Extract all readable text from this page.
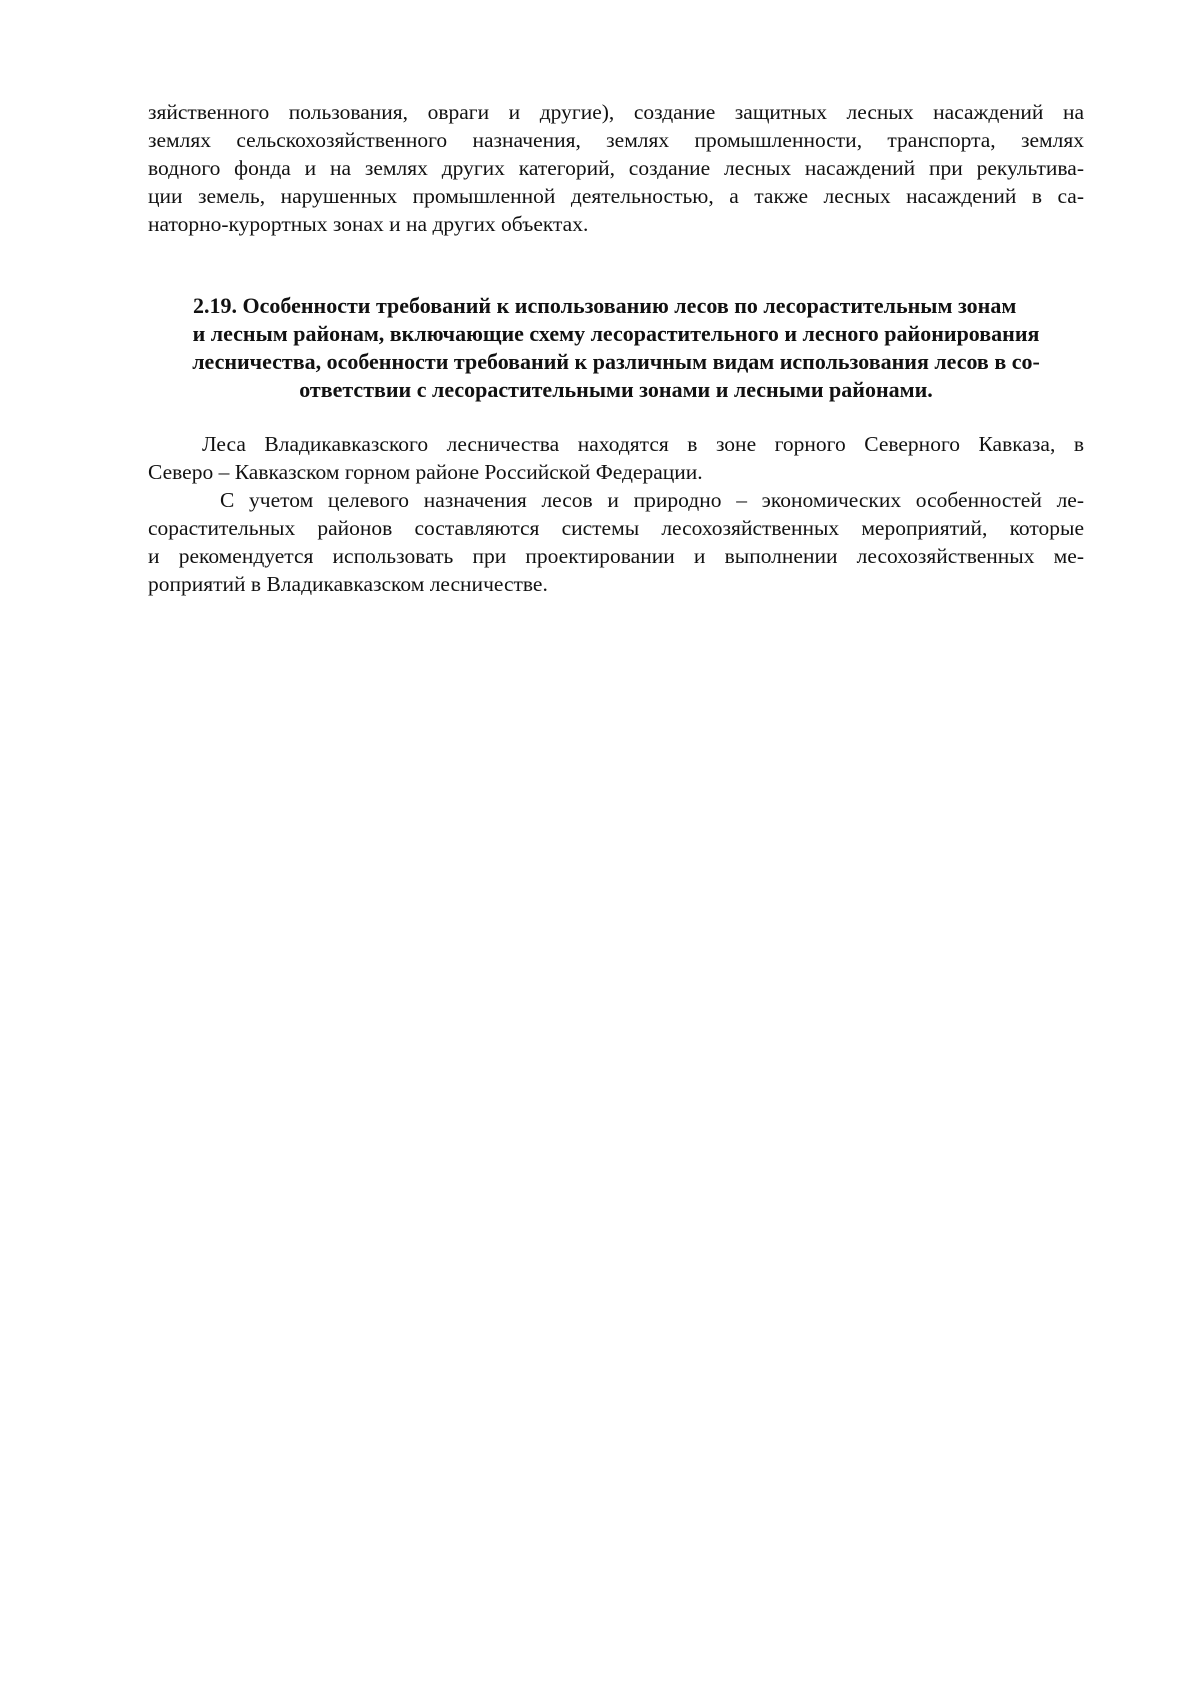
зяйственного пользования, овраги и другие), создание защитных лесных насаждений на
землях сельскохозяйственного назначения, землях промышленности, транспорта, землях
водного фонда и на землях других категорий, создание лесных насаждений при рекультива-
ции земель, нарушенных промышленной деятельностью, а также лесных насаждений в са-
наторно-курортных зонах и на других объектах.
2.19. Особенности требований к использованию лесов по лесорастительным зонам
и лесным районам, включающие схему лесорастительного и лесного районирования
лесничества, особенности требований к различным видам использования лесов в со-
ответствии с лесорастительными зонами и лесными районами.
Леса Владикавказского лесничества находятся в зоне горного Северного Кавказа, в
Северо – Кавказском горном районе Российской Федерации.
С учетом целевого назначения лесов и природно – экономических особенностей ле-
сорастительных районов составляются системы лесохозяйственных мероприятий, которые
и рекомендуется использовать при проектировании и выполнении лесохозяйственных ме-
роприятий в Владикавказском лесничестве.
